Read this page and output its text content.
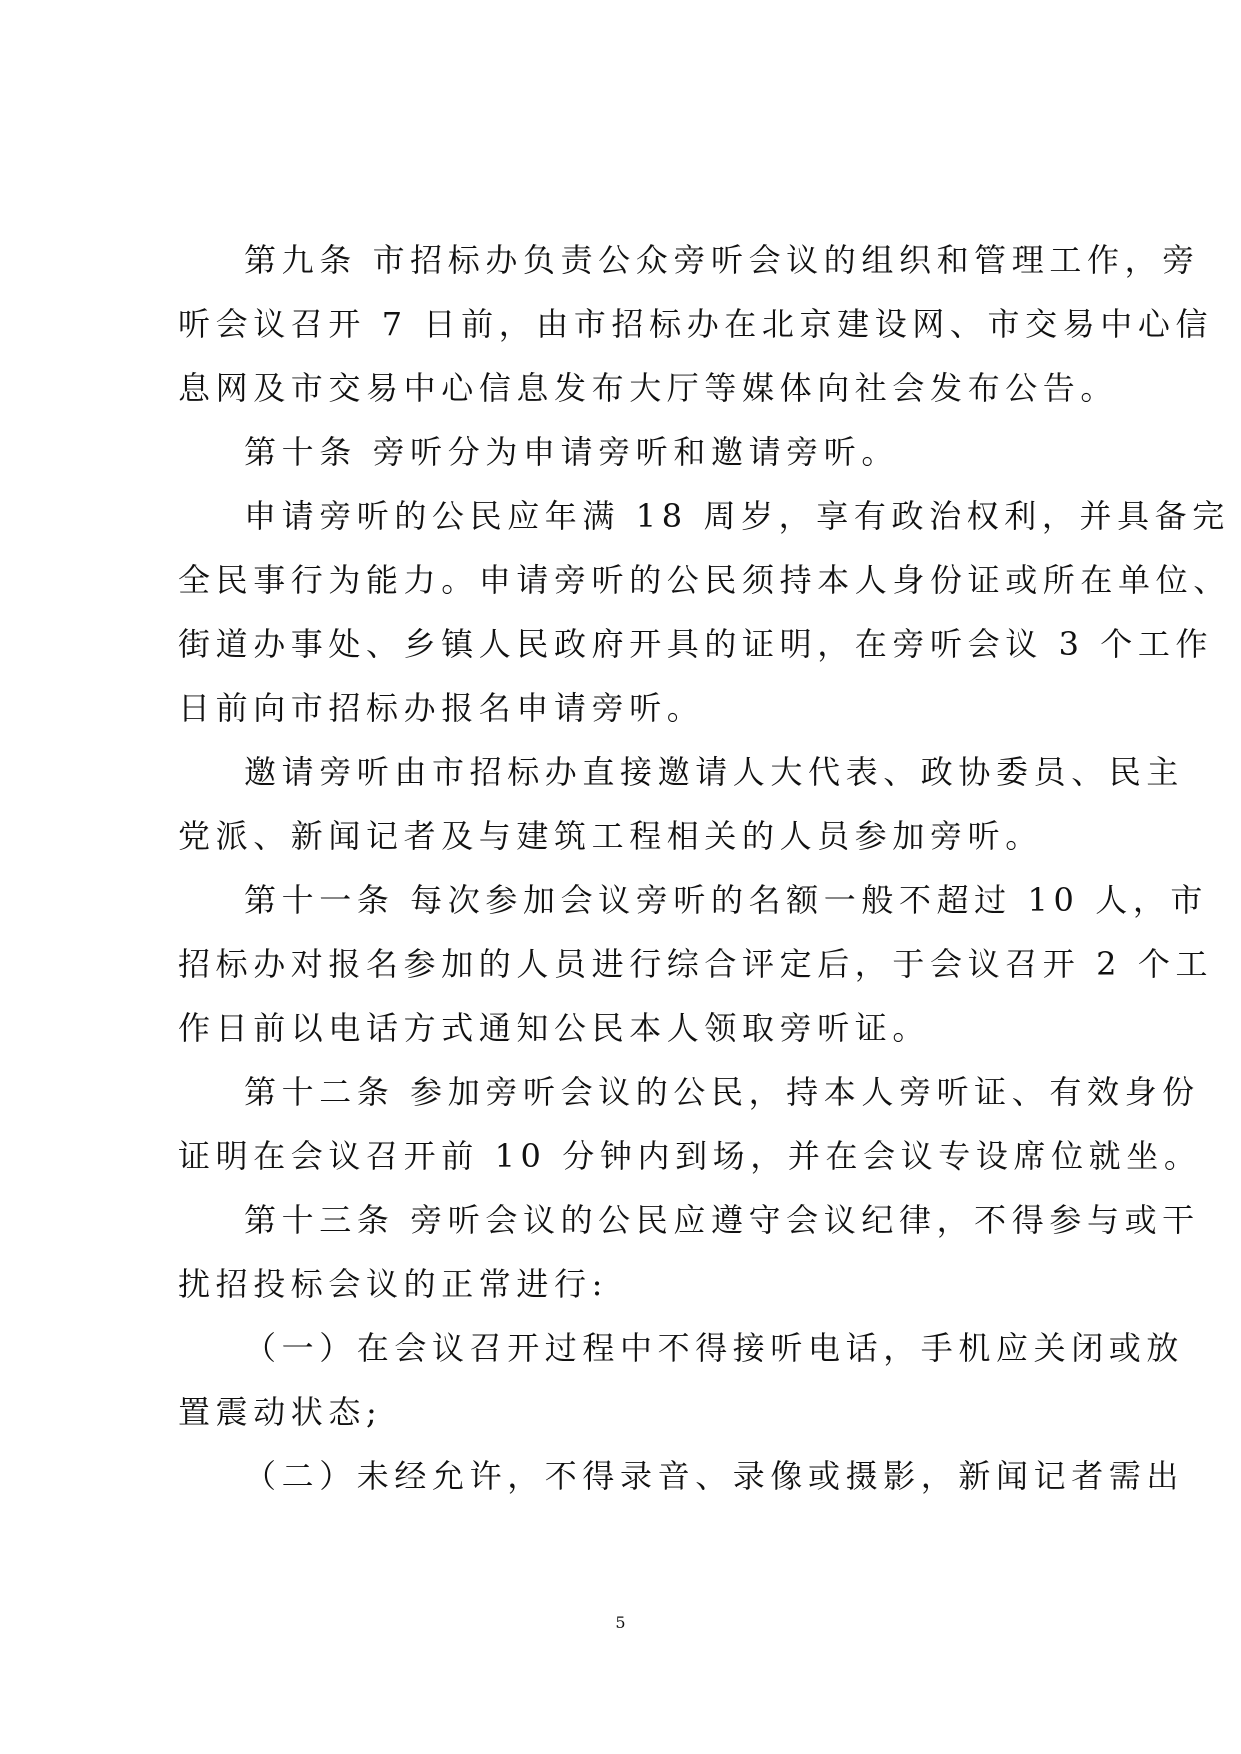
第九条 市招标办负责公众旁听会议的组织和管理工作，旁
听会议召开 7 日前，由市招标办在北京建设网、市交易中心信
息网及市交易中心信息发布大厅等媒体向社会发布公告。
第十条 旁听分为申请旁听和邀请旁听。
申请旁听的公民应年满 18 周岁，享有政治权利，并具备完
全民事行为能力。申请旁听的公民须持本人身份证或所在单位、
街道办事处、乡镇人民政府开具的证明，在旁听会议 3 个工作
日前向市招标办报名申请旁听。
邀请旁听由市招标办直接邀请人大代表、政协委员、民主
党派、新闻记者及与建筑工程相关的人员参加旁听。
第十一条 每次参加会议旁听的名额一般不超过 10 人，市
招标办对报名参加的人员进行综合评定后，于会议召开 2 个工
作日前以电话方式通知公民本人领取旁听证。
第十二条 参加旁听会议的公民，持本人旁听证、有效身份
证明在会议召开前 10 分钟内到场，并在会议专设席位就坐。
第十三条 旁听会议的公民应遵守会议纪律，不得参与或干
扰招投标会议的正常进行:
（一）在会议召开过程中不得接听电话，手机应关闭或放
置震动状态;
（二）未经允许，不得录音、录像或摄影，新闻记者需出
5
